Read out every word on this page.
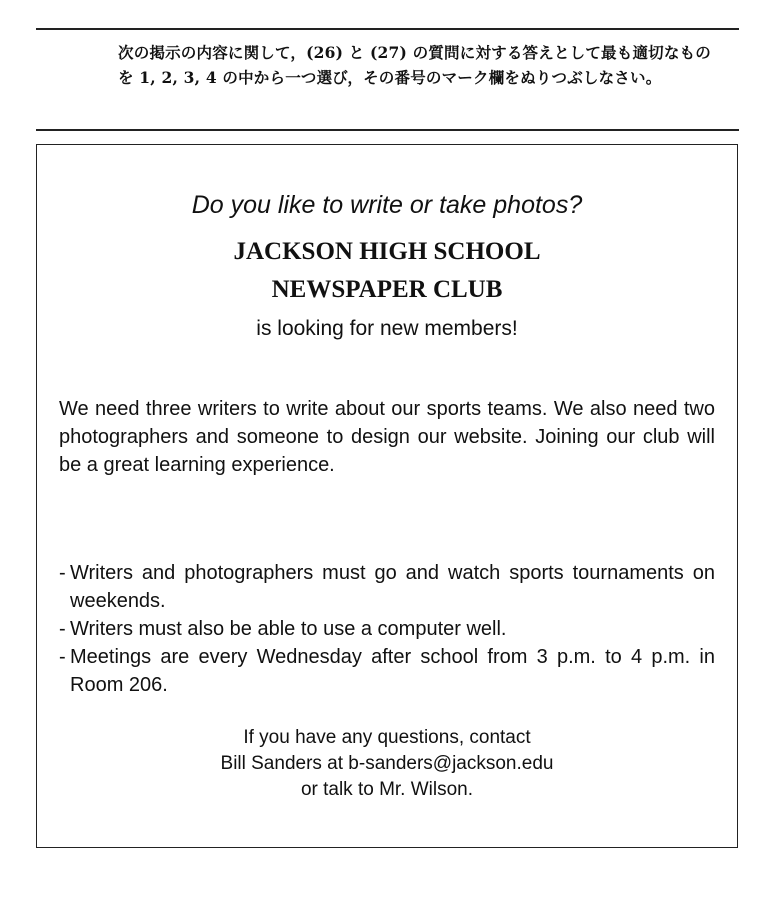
次の掲示の内容に関して，(26) と (27) の質問に対する答えとして最も適切なものを 1, 2, 3, 4 の中から一つ選び，その番号のマーク欄をぬりつぶしなさい。
Do you like to write or take photos?
JACKSON HIGH SCHOOL
NEWSPAPER CLUB
is looking for new members!
We need three writers to write about our sports teams. We also need two photographers and someone to design our website. Joining our club will be a great learning experience.
- Writers and photographers must go and watch sports tournaments on weekends.
- Writers must also be able to use a computer well.
- Meetings are every Wednesday after school from 3 p.m. to 4 p.m. in Room 206.
If you have any questions, contact
Bill Sanders at b-sanders@jackson.edu
or talk to Mr. Wilson.
